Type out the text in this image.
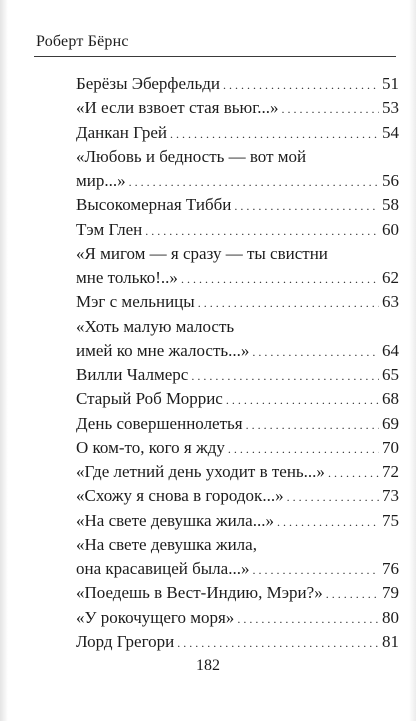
Роберт Бёрнс
Берёзы Эберфельди . . .	51
«И если взвоет стая вьюг...» . . .	53
Данкан Грей . . .	54
«Любовь и бедность — вот мой
мир...» . . .	56
Высокомерная Тибби . . .	58
Тэм Глен . . .	60
«Я мигом — я сразу — ты свистни
мне только!..» . . .	62
Мэг с мельницы . . .	63
«Хоть малую малость
имей ко мне жалость...» . . .	64
Вилли Чалмерс . . .	65
Старый Роб Моррис . . .	68
День совершеннолетья . . .	69
О ком-то, кого я жду . . .	70
«Где летний день уходит в тень...» . . .	72
«Схожу я снова в городок...» . . .	73
«На свете девушка жила...» . . .	75
«На свете девушка жила,
она красавицей была...» . . .	76
«Поедешь в Вест-Индию, Мэри?» . . .	79
«У рокочущего моря» . . .	80
Лорд Грегори . . .	81
182
